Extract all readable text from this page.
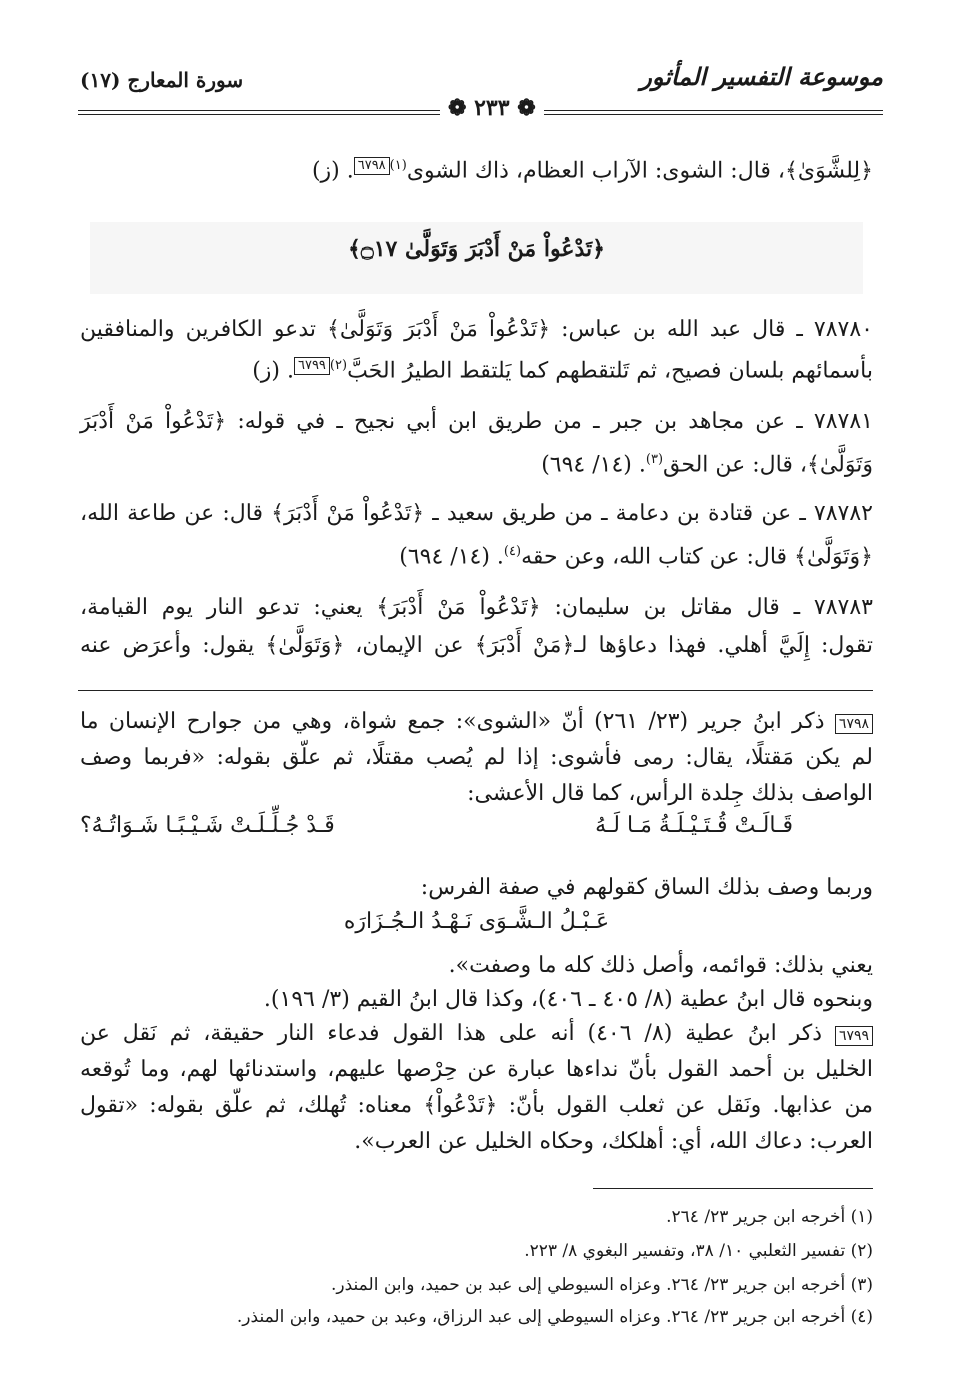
موسوعة التفسير المأثور
سورة المعارج (١٧)
❁ ٢٣٣ ❁
﴿لِلشَّوَىٰ﴾، قال: الشوى: الآراب العظام، ذاك الشوى$^{(١)}$٦٧٩٨. (ز)
﴿تَدْعُواْ مَنْ أَدْبَرَ وَتَوَلَّىٰ ۝١٧﴾
٧٨٧٨٠ ـ قال عبد الله بن عباس: ﴿تَدْعُواْ مَنْ أَدْبَرَ وَتَوَلَّىٰ﴾ تدعو الكافرين والمنافقين
بأسمائهم بلسان فصيح، ثم تَلتقطهم كما يَلتقط الطيرُ الحَبَّ$^{(٢)}$٦٧٩٩. (ز)
٧٨٧٨١ ـ عن مجاهد بن جبر ـ من طريق ابن أبي نجيح ـ في قوله: ﴿تَدْعُواْ مَنْ أَدْبَرَ
وَتَوَلَّىٰ﴾، قال: عن الحق$^{(٣)}$. (١٤/ ٦٩٤)
٧٨٧٨٢ ـ عن قتادة بن دعامة ـ من طريق سعيد ـ ﴿تَدْعُواْ مَنْ أَدْبَرَ﴾ قال: عن طاعة الله،
﴿وَتَوَلَّىٰ﴾ قال: عن كتاب الله، وعن حقه$^{(٤)}$. (١٤/ ٦٩٤)
٧٨٧٨٣ ـ قال مقاتل بن سليمان: ﴿تَدْعُواْ مَنْ أَدْبَرَ﴾ يعني: تدعو النار يوم القيامة،
تقول: إِلَيَّ أهلي. فهذا دعاؤها لـ﴿مَنْ أَدْبَرَ﴾ عن الإيمان، ﴿وَتَوَلَّىٰ﴾ يقول: وأعرَض عنه
٦٧٩٨ ذكر ابنُ جرير (٢٣/ ٢٦١) أنّ «الشوى»: جمع شواة، وهي من جوارح الإنسان ما
لم يكن مَقتلًا، يقال: رمى فأشوى: إذا لم يُصب مقتلًا، ثم علّق بقوله: «فربما وصف
الواصف بذلك جِلدة الرأس، كما قال الأعشى:
قَـالَـتْ قُـتَـيْـلَـةُ مَـا لَـهُ
قَـدْ جُـلِّـلَـتْ شَـيْـبًـا شَـوَاتُـهُ؟
وربما وصف بذلك الساق كقولهم في صفة الفرس:
عَـبْـلُ الـشَّـوَى نَـهْـدُ الـجُـزَارَه
يعني بذلك: قوائمه، وأصل ذلك كله ما وصفت».
وبنحوه قال ابنُ عطية (٨/ ٤٠٥ ـ ٤٠٦)، وكذا قال ابنُ القيم (٣/ ١٩٦).
٦٧٩٩ ذكر ابنُ عطية (٨/ ٤٠٦) أنه على هذا القول فدعاء النار حقيقة، ثم نَقل عن
الخليل بن أحمد القول بأنّ نداءها عبارة عن حِرْصها عليهم، واستدنائها لهم، وما تُوقعه
من عذابها. ونَقل عن ثعلب القول بأنّ: ﴿تَدْعُواْ﴾ معناه: تُهلك، ثم علّق بقوله: «تقول
العرب: دعاك الله، أي: أهلكك، وحكاه الخليل عن العرب».
(١) أخرجه ابن جرير ٢٣/ ٢٦٤.
(٢) تفسير الثعلبي ١٠/ ٣٨، وتفسير البغوي ٨/ ٢٢٣.
(٣) أخرجه ابن جرير ٢٣/ ٢٦٤. وعزاه السيوطي إلى عبد بن حميد، وابن المنذر.
(٤) أخرجه ابن جرير ٢٣/ ٢٦٤. وعزاه السيوطي إلى عبد الرزاق، وعبد بن حميد، وابن المنذر.
